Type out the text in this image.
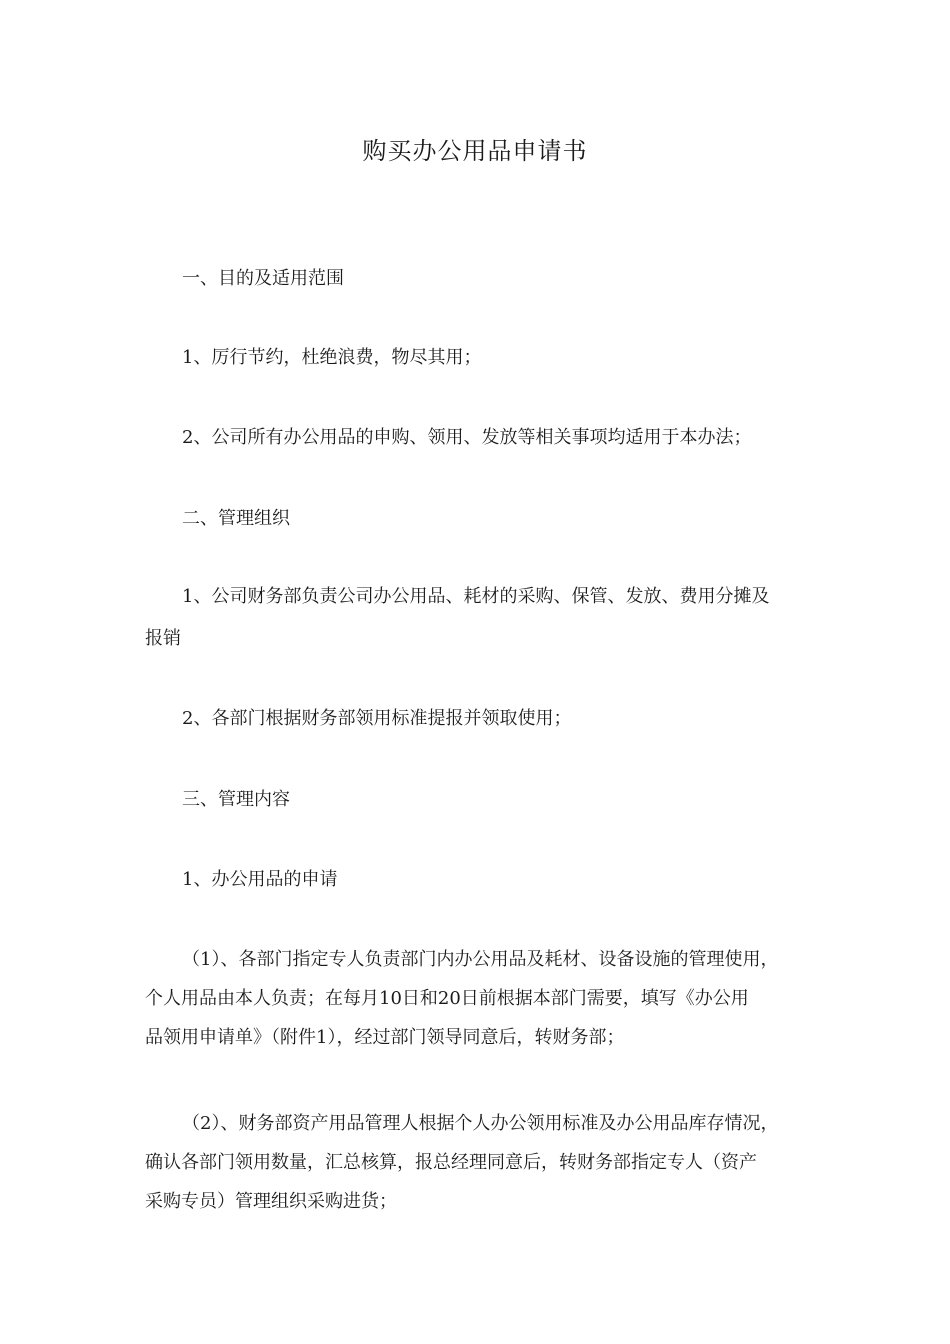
购买办公用品申请书
一、目的及适用范围
1、厉行节约，杜绝浪费，物尽其用；
2、公司所有办公用品的申购、领用、发放等相关事项均适用于本办法；
二、管理组织
1、公司财务部负责公司办公用品、耗材的采购、保管、发放、费用分摊及
报销
2、各部门根据财务部领用标准提报并领取使用；
三、管理内容
1、办公用品的申请
（1）、各部门指定专人负责部门内办公用品及耗材、设备设施的管理使用，
个人用品由本人负责；在每月10日和20日前根据本部门需要，填写《办公用
品领用申请单》（附件1），经过部门领导同意后，转财务部；
（2）、财务部资产用品管理人根据个人办公领用标准及办公用品库存情况，
确认各部门领用数量，汇总核算，报总经理同意后，转财务部指定专人（资产
采购专员）管理组织采购进货；
